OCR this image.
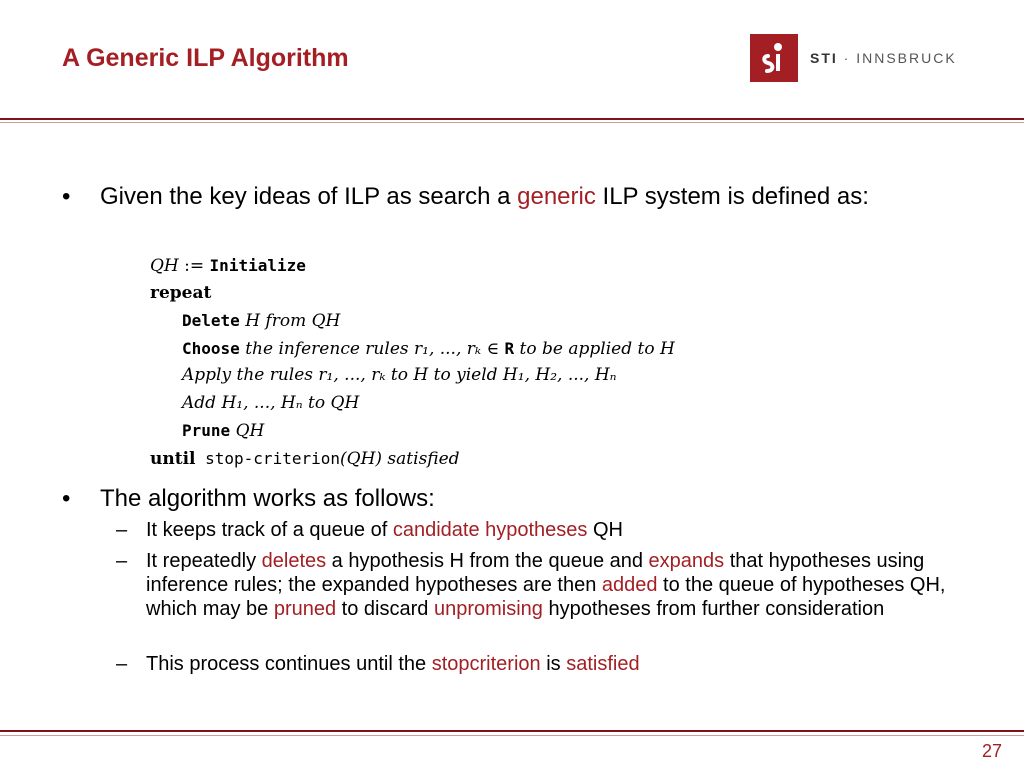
A Generic ILP Algorithm	STI · INNSBRUCK
• Given the key ideas of ILP as search a generic ILP system is defined as:
QH := Initialize
repeat
Delete H from QH
Choose the inference rules r₁, ..., rₖ ∈ R to be applied to H
Apply the rules r₁, ..., rₖ to H to yield H₁, H₂, ..., Hₙ
Add H₁, ..., Hₙ to QH
Prune QH
until stop-criterion(QH) satisfied
• The algorithm works as follows:
– It keeps track of a queue of candidate hypotheses QH
– It repeatedly deletes a hypothesis H from the queue and expands that hypotheses using inference rules; the expanded hypotheses are then added to the queue of hypotheses QH, which may be pruned to discard unpromising hypotheses from further consideration
– This process continues until the stopcriterion is satisfied
27
